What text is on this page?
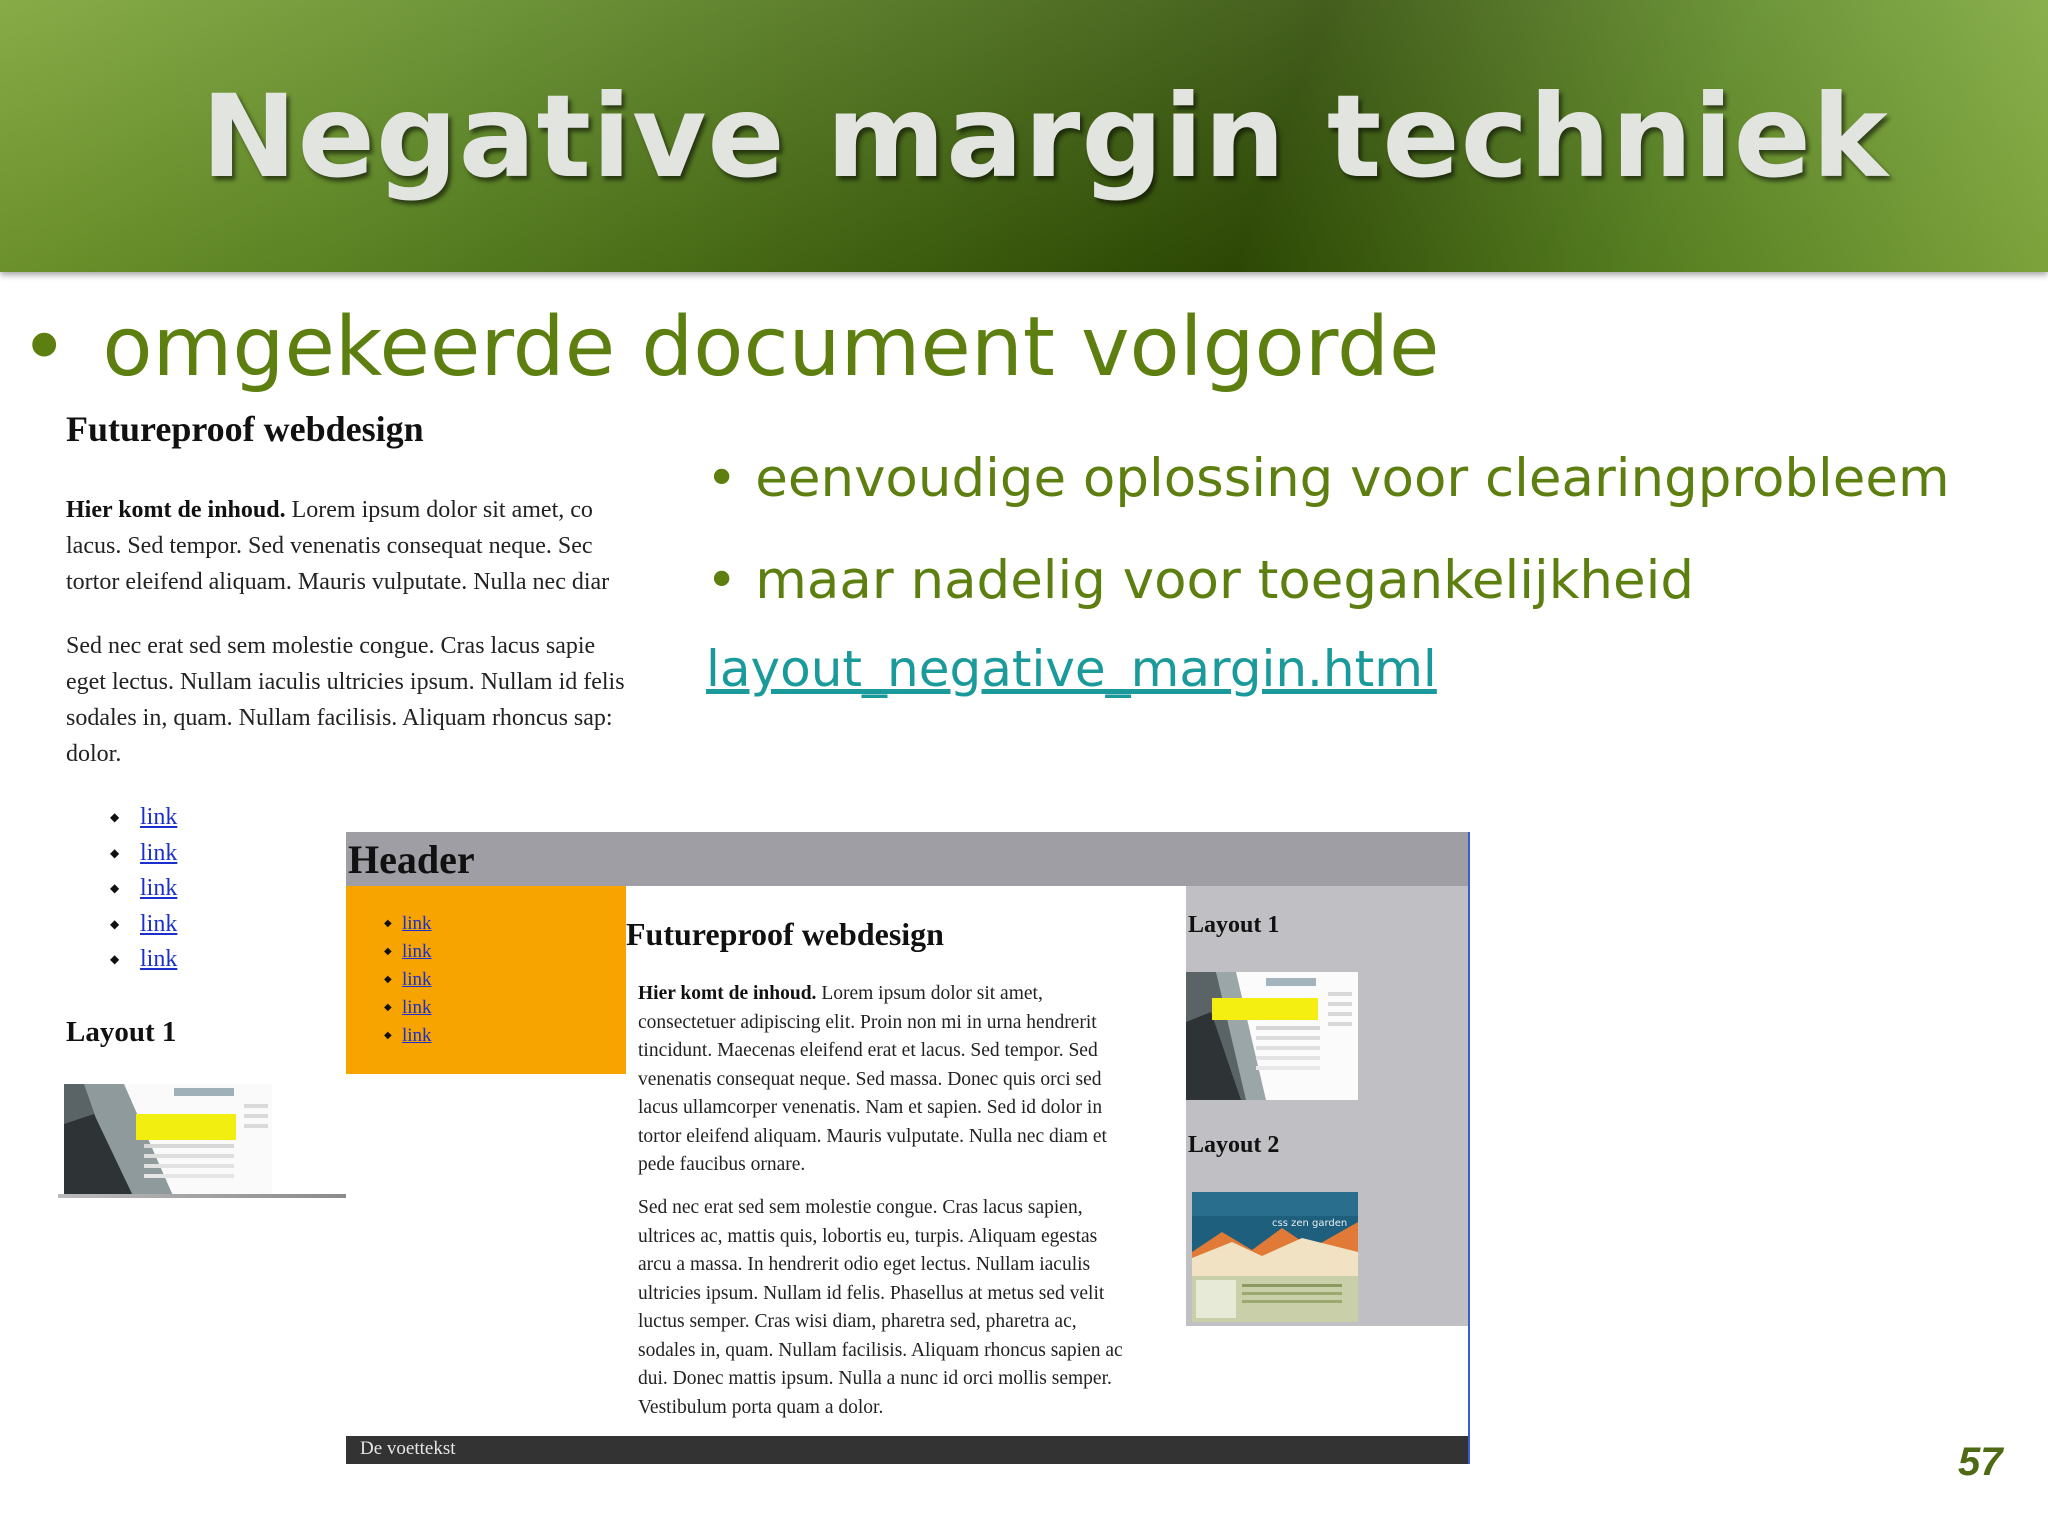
Negative margin techniek
• omgekeerde document volgorde
Futureproof webdesign
Hier komt de inhoud. Lorem ipsum dolor sit amet, co
lacus. Sed tempor. Sed venenatis consequat neque. Sec
tortor eleifend aliquam. Mauris vulputate. Nulla nec diar
Sed nec erat sed sem molestie congue. Cras lacus sapie
eget lectus. Nullam iaculis ultricies ipsum. Nullam id felis
sodales in, quam. Nullam facilisis. Aliquam rhoncus sap:
dolor.
◆ link
◆ link
◆ link
◆ link
◆ link
Layout 1
• eenvoudige oplossing voor clearingprobleem
• maar nadelig voor toegankelijkheid
layout_negative_margin.html
Header
◆ link
◆ link
◆ link
◆ link
◆ link
Futureproof webdesign
Hier komt de inhoud. Lorem ipsum dolor sit amet,
consectetuer adipiscing elit. Proin non mi in urna hendrerit
tincidunt. Maecenas eleifend erat et lacus. Sed tempor. Sed
venenatis consequat neque. Sed massa. Donec quis orci sed
lacus ullamcorper venenatis. Nam et sapien. Sed id dolor in
tortor eleifend aliquam. Mauris vulputate. Nulla nec diam et
pede faucibus ornare.
Sed nec erat sed sem molestie congue. Cras lacus sapien,
ultrices ac, mattis quis, lobortis eu, turpis. Aliquam egestas
arcu a massa. In hendrerit odio eget lectus. Nullam iaculis
ultricies ipsum. Nullam id felis. Phasellus at metus sed velit
luctus semper. Cras wisi diam, pharetra sed, pharetra ac,
sodales in, quam. Nullam facilisis. Aliquam rhoncus sapien ac
dui. Donec mattis ipsum. Nulla a nunc id orci mollis semper.
Vestibulum porta quam a dolor.
Layout 1
Layout 2
css zen garden
De voettekst	57
